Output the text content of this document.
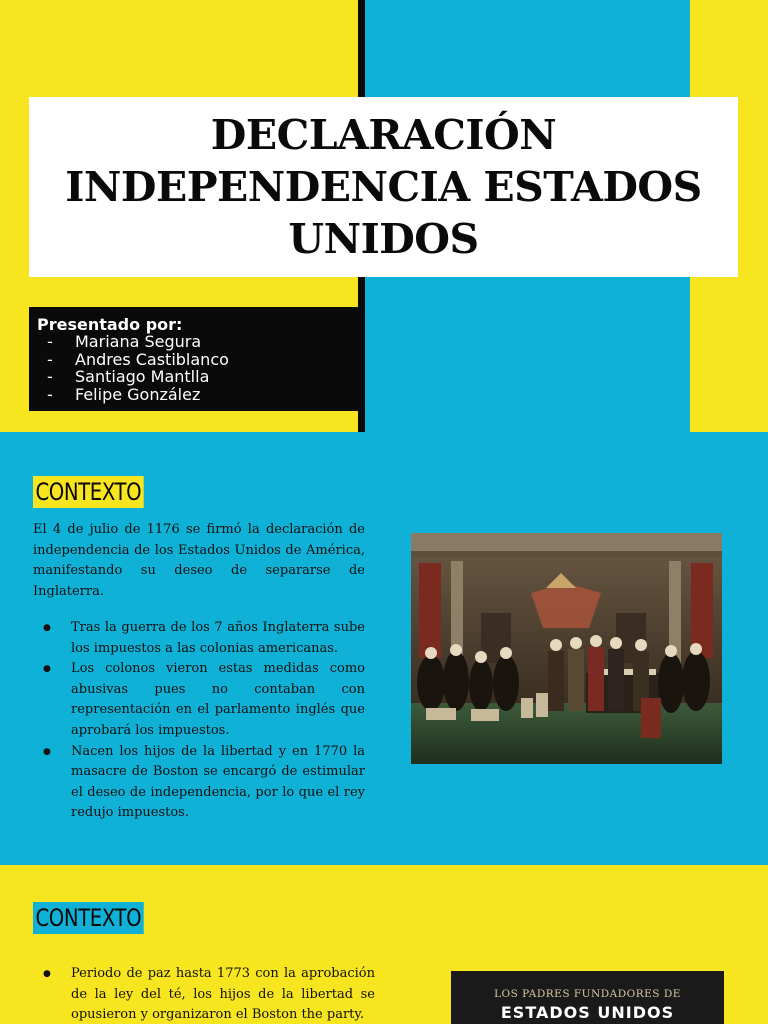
DECLARACIÓN INDEPENDENCIA ESTADOS UNIDOS
Presentado por:
-	Mariana Segura
-	Andres Castiblanco
-	Santiago Mantlla
-	Felipe González
CONTEXTO

El 4 de julio de 1176 se firmó la declaración de independencia de los Estados Unidos de América, manifestando su deseo de separarse de Inglaterra.

● Tras la guerra de los 7 años Inglaterra sube los impuestos a las colonias americanas.
● Los colonos vieron estas medidas como abusivas pues no contaban con representación en el parlamento inglés que aprobará los impuestos.
● Nacen los hijos de la libertad y en 1770 la masacre de Boston se encargó de estimular el deseo de independencia, por lo que el rey redujo impuestos.
CONTEXTO
● Periodo de paz hasta 1773 con la aprobación de la ley del té, los hijos de la libertad se opusieron y organizaron el Boston the party.
LOS PADRES FUNDADORES DE
ESTADOS UNIDOS
